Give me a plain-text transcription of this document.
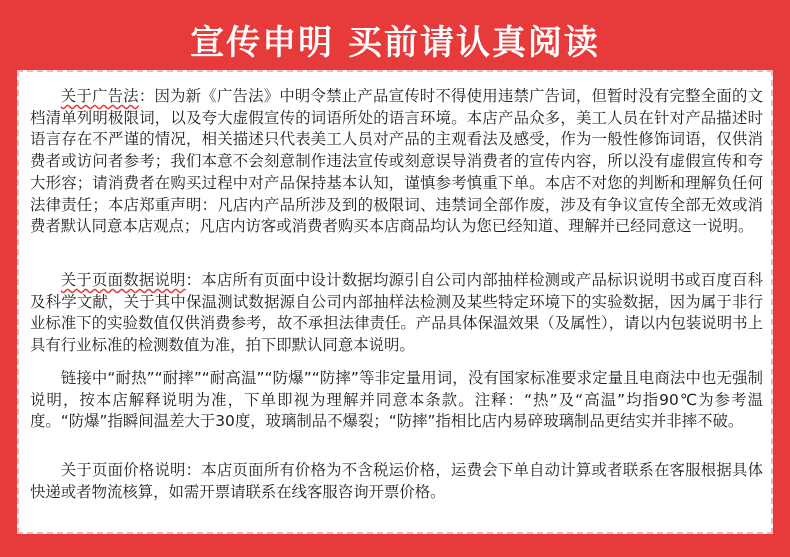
宣传申明 买前请认真阅读

关于广告法：因为新《广告法》中明令禁止产品宣传时不得使用违禁广告词，但暂时没有完整全面的文档清单列明极限词，以及夸大虚假宣传的词语所处的语言环境。本店产品众多，美工人员在针对产品描述时语言存在不严谨的情况，相关描述只代表美工人员对产品的主观看法及感受，作为一般性修饰词语，仅供消费者或访问者参考；我们本意不会刻意制作违法宣传或刻意误导消费者的宣传内容，所以没有虚假宣传和夸大形容；请消费者在购买过程中对产品保持基本认知，谨慎参考慎重下单。本店不对您的判断和理解负任何法律责任；本店郑重声明：凡店内产品所涉及到的极限词、违禁词全部作废，涉及有争议宣传全部无效或消费者默认同意本店观点；凡店内访客或消费者购买本店商品均认为您已经知道、理解并已经同意这一说明。

关于页面数据说明：本店所有页面中设计数据均源引自公司内部抽样检测或产品标识说明书或百度百科及科学文献，关于其中保温测试数据源自公司内部抽样法检测及某些特定环境下的实验数据，因为属于非行业标准下的实验数值仅供消费参考，故不承担法律责任。产品具体保温效果（及属性），请以内包装说明书上具有行业标准的检测数值为准，拍下即默认同意本说明。

链接中“耐热”“耐摔”“耐高温”“防爆”“防摔”等非定量用词，没有国家标准要求定量且电商法中也无强制说明，按本店解释说明为准，下单即视为理解并同意本条款。注释：“热”及“高温”均指90℃为参考温度。“防爆”指瞬间温差大于30度，玻璃制品不爆裂；“防摔”指相比店内易碎玻璃制品更结实并非摔不破。

关于页面价格说明：本店页面所有价格为不含税运价格，运费会下单自动计算或者联系在客服根据具体快递或者物流核算，如需开票请联系在线客服咨询开票价格。
